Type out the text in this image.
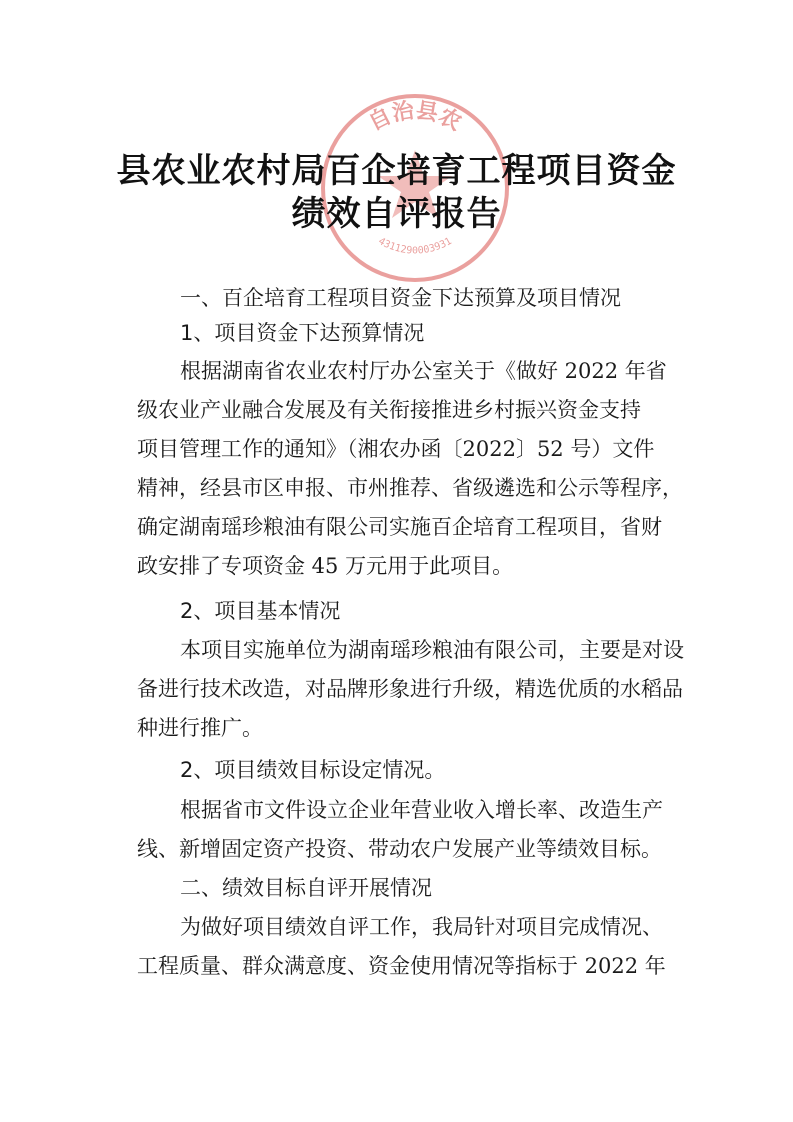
自治县农
4311290003931
县农业农村局百企培育工程项目资金
绩效自评报告
一、百企培育工程项目资金下达预算及项目情况
1、项目资金下达预算情况
根据湖南省农业农村厅办公室关于《做好 2022 年省
级农业产业融合发展及有关衔接推进乡村振兴资金支持
项目管理工作的通知》（湘农办函〔2022〕52 号）文件
精神，经县市区申报、市州推荐、省级遴选和公示等程序，
确定湖南瑶珍粮油有限公司实施百企培育工程项目，省财
政安排了专项资金 45 万元用于此项目。
2、项目基本情况
本项目实施单位为湖南瑶珍粮油有限公司，主要是对设
备进行技术改造，对品牌形象进行升级，精选优质的水稻品
种进行推广。
2、项目绩效目标设定情况。
根据省市文件设立企业年营业收入增长率、改造生产
线、新增固定资产投资、带动农户发展产业等绩效目标。
二、绩效目标自评开展情况
为做好项目绩效自评工作，我局针对项目完成情况、
工程质量、群众满意度、资金使用情况等指标于 2022 年
